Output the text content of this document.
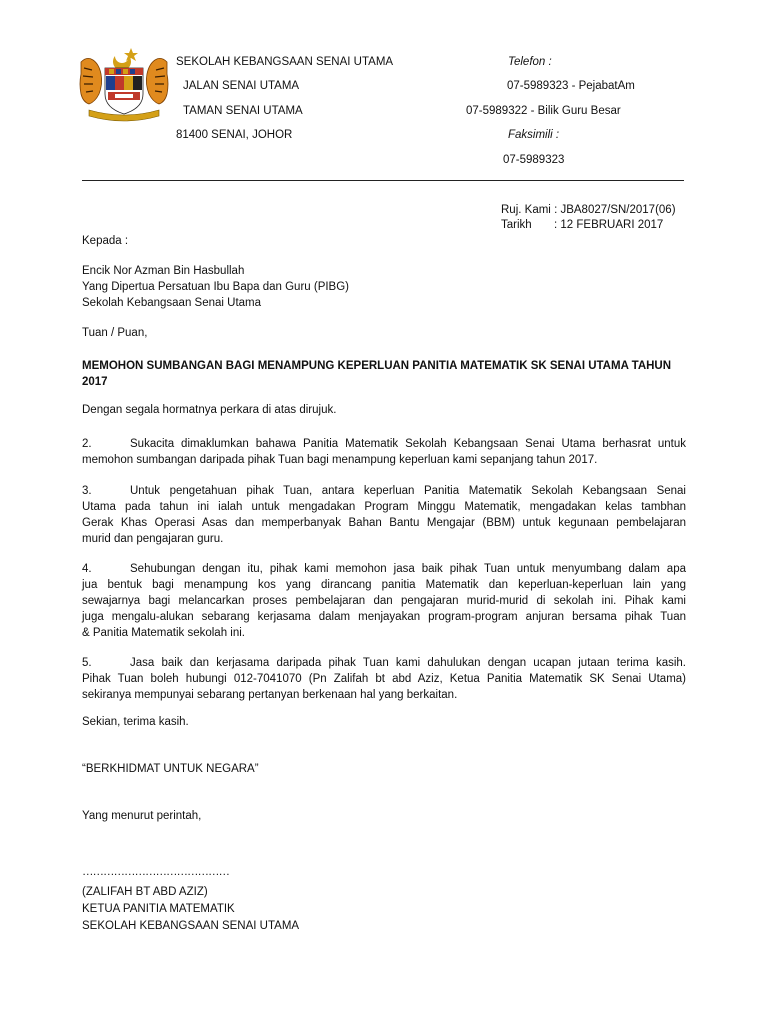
SEKOLAH KEBANGSAAN SENAI UTAMA
JALAN SENAI UTAMA
TAMAN SENAI UTAMA
81400 SENAI, JOHOR
Telefon :
07-5989323 - PejabatAm
07-5989322 - Bilik Guru Besar
Faksimili :
07-5989323
Ruj. Kami : JBA8027/SN/2017(06)
Tarikh : 12 FEBRUARI 2017
Kepada :
Encik Nor Azman Bin Hasbullah
Yang Dipertua Persatuan Ibu Bapa dan Guru (PIBG)
Sekolah Kebangsaan Senai Utama
Tuan / Puan,
MEMOHON SUMBANGAN BAGI MENAMPUNG KEPERLUAN PANITIA MATEMATIK SK SENAI UTAMA TAHUN
2017
Dengan segala hormatnya perkara di atas dirujuk.
2.	Sukacita dimaklumkan bahawa Panitia Matematik Sekolah Kebangsaan Senai Utama berhasrat untuk
memohon sumbangan daripada pihak Tuan bagi menampung keperluan kami sepanjang tahun 2017.
3.	Untuk pengetahuan pihak Tuan, antara keperluan Panitia Matematik Sekolah Kebangsaan Senai
Utama pada tahun ini ialah untuk mengadakan Program Minggu Matematik, mengadakan kelas tambhan
Gerak Khas Operasi Asas dan memperbanyak Bahan Bantu Mengajar (BBM) untuk kegunaan pembelajaran
murid dan pengajaran guru.
4.	Sehubungan dengan itu, pihak kami memohon jasa baik pihak Tuan untuk menyumbang dalam apa
jua bentuk bagi menampung kos yang dirancang panitia Matematik dan keperluan-keperluan lain yang
sewajarnya bagi melancarkan proses pembelajaran dan pengajaran murid-murid di sekolah ini. Pihak kami
juga mengalu-alukan sebarang kerjasama dalam menjayakan program-program anjuran bersama pihak Tuan
& Panitia Matematik sekolah ini.
5.	Jasa baik dan kerjasama daripada pihak Tuan kami dahulukan dengan ucapan jutaan terima kasih.
Pihak Tuan boleh hubungi 012-7041070 (Pn Zalifah bt abd Aziz, Ketua Panitia Matematik SK Senai Utama)
sekiranya mempunyai sebarang pertanyan berkenaan hal yang berkaitan.
Sekian, terima kasih.
“BERKHIDMAT UNTUK NEGARA”
Yang menurut perintah,
……………………………………
(ZALIFAH BT ABD AZIZ)
KETUA PANITIA MATEMATIK
SEKOLAH KEBANGSAAN SENAI UTAMA
